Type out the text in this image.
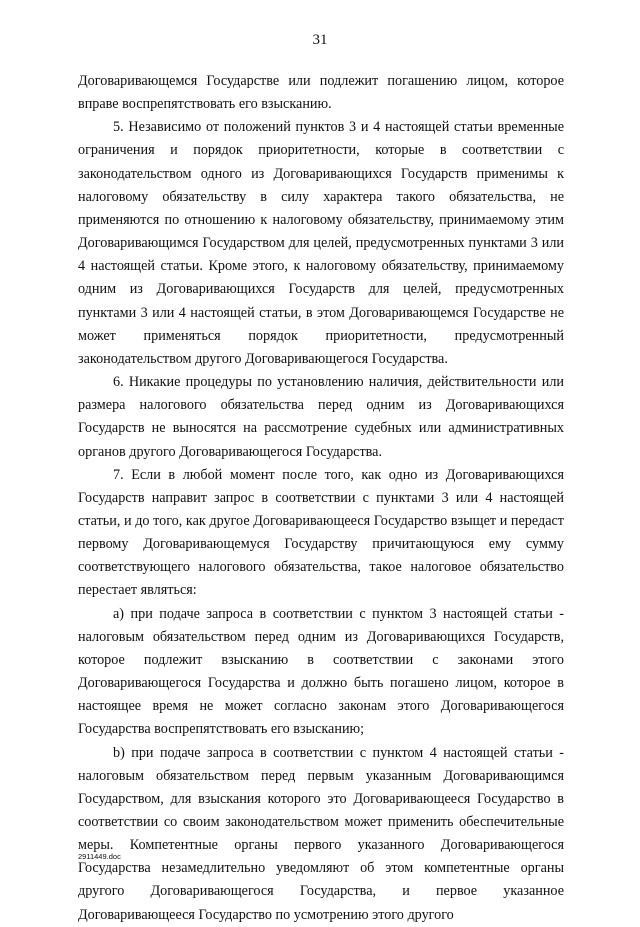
31

Договаривающемся Государстве или подлежит погашению лицом, которое вправе воспрепятствовать его взысканию.

5. Независимо от положений пунктов 3 и 4 настоящей статьи временные ограничения и порядок приоритетности, которые в соответствии с законодательством одного из Договаривающихся Государств применимы к налоговому обязательству в силу характера такого обязательства, не применяются по отношению к налоговому обязательству, принимаемому этим Договаривающимся Государством для целей, предусмотренных пунктами 3 или 4 настоящей статьи. Кроме этого, к налоговому обязательству, принимаемому одним из Договаривающихся Государств для целей, предусмотренных пунктами 3 или 4 настоящей статьи, в этом Договаривающемся Государстве не может применяться порядок приоритетности, предусмотренный законодательством другого Договаривающегося Государства.

6. Никакие процедуры по установлению наличия, действительности или размера налогового обязательства перед одним из Договаривающихся Государств не выносятся на рассмотрение судебных или административных органов другого Договаривающегося Государства.

7. Если в любой момент после того, как одно из Договаривающихся Государств направит запрос в соответствии с пунктами 3 или 4 настоящей статьи, и до того, как другое Договаривающееся Государство взыщет и передаст первому Договаривающемуся Государству причитающуюся ему сумму соответствующего налогового обязательства, такое налоговое обязательство перестает являться:

a) при подаче запроса в соответствии с пунктом 3 настоящей статьи - налоговым обязательством перед одним из Договаривающихся Государств, которое подлежит взысканию в соответствии с законами этого Договаривающегося Государства и должно быть погашено лицом, которое в настоящее время не может согласно законам этого Договаривающегося Государства воспрепятствовать его взысканию;

b) при подаче запроса в соответствии с пунктом 4 настоящей статьи - налоговым обязательством перед первым указанным Договаривающимся Государством, для взыскания которого это Договаривающееся Государство в соответствии со своим законодательством может применить обеспечительные меры. Компетентные органы первого указанного Договаривающегося Государства незамедлительно уведомляют об этом компетентные органы другого Договаривающегося Государства, и первое указанное Договаривающееся Государство по усмотрению этого другого

2911449.doc
